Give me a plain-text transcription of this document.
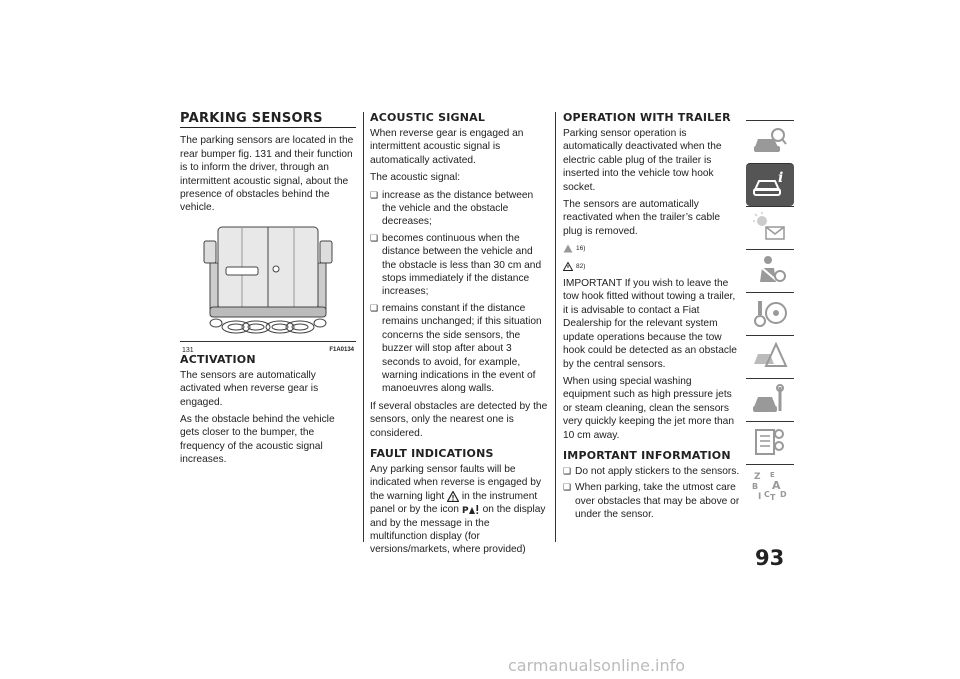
PARKING SENSORS

The parking sensors are located in the rear bumper fig. 131 and their function is to inform the driver, through an intermittent acoustic signal, about the presence of obstacles behind the vehicle.

131	F1A0134
ACTIVATION

The sensors are automatically activated when reverse gear is engaged.

As the obstacle behind the vehicle gets closer to the bumper, the frequency of the acoustic signal increases.

ACOUSTIC SIGNAL

When reverse gear is engaged an intermittent acoustic signal is automatically activated.

The acoustic signal:

❏ increase as the distance between the vehicle and the obstacle decreases;
❏ becomes continuous when the distance between the vehicle and the obstacle is less than 30 cm and stops immediately if the distance increases;
❏ remains constant if the distance remains unchanged; if this situation concerns the side sensors, the buzzer will stop after about 3 seconds to avoid, for example, warning indications in the event of manoeuvres along walls.

If several obstacles are detected by the sensors, only the nearest one is considered.

FAULT INDICATIONS

Any parking sensor faults will be indicated when reverse is engaged by the warning light in the instrument panel or by the icon P on the display and by the message in the multifunction display (for versions/markets, where provided)

OPERATION WITH TRAILER

Parking sensor operation is automatically deactivated when the electric cable plug of the trailer is inserted into the vehicle tow hook socket.

The sensors are automatically reactivated when the trailer’s cable plug is removed.

16)
82)

IMPORTANT If you wish to leave the tow hook fitted without towing a trailer, it is advisable to contact a Fiat Dealership for the relevant system update operations because the tow hook could be detected as an obstacle by the central sensors.

When using special washing equipment such as high pressure jets or steam cleaning, clean the sensors very quickly keeping the jet more than 10 cm away.

IMPORTANT INFORMATION
❏ Do not apply stickers to the sensors.
❏ When parking, take the utmost care over obstacles that may be above or under the sensor.
i
Z E
B A
I C T D
93
carmanualsonline.info
